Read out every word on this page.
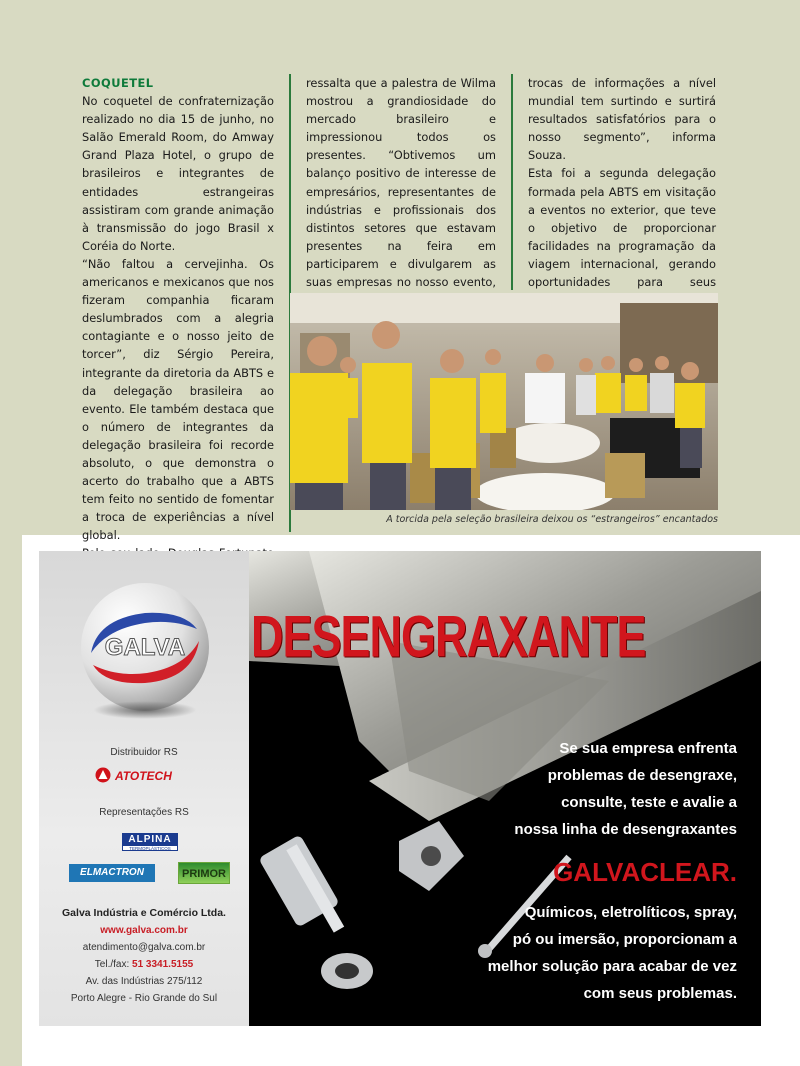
COQUETEL

No coquetel de confraternização realizado no dia 15 de junho, no Salão Emerald Room, do Amway Grand Plaza Hotel, o grupo de brasileiros e integrantes de entidades estrangeiras assistiram com grande animação à transmissão do jogo Brasil x Coréia do Norte.

“Não faltou a cervejinha. Os americanos e mexicanos que nos fizeram companhia ficaram deslumbrados com a alegria contagiante e o nosso jeito de torcer”, diz Sérgio Pereira, integrante da diretoria da ABTS e da delegação brasileira ao evento. Ele também destaca que o número de integrantes da delegação brasileira foi recorde absoluto, o que demonstra o acerto do trabalho que a ABTS tem feito no sentido de fomentar a troca de experiências a nível global.

ressalta que a palestra de Wilma mostrou a grandiosidade do mercado brasileiro e impressionou todos os presentes. “Obtivemos um balanço positivo de interesse de empresários, representantes de indústrias e profissionais dos distintos setores que estavam presentes na feira em participarem e divulgarem as suas empresas no nosso evento,

trocas de informações a nível mundial tem surtindo e surtirá resultados satisfatórios para o nosso segmento”, informa Souza.

Esta foi a segunda delegação formada pela ABTS em visitação a eventos no exterior, que teve o objetivo de proporcionar facilidades na programação da viagem internacional, gerando oportunidades para seus

A torcida pela seleção brasileira deixou os “estrangeiros” encantados
GALVA
Distribuidor RS
ATOTECH
Representações RS
ALPINA
TERMOPLÁSTICOS
ELMACTRON	PRIMOR
Galva Indústria e Comércio Ltda.
www.galva.com.br
atendimento@galva.com.br
Tel./fax: 51 3341.5155
Av. das Indústrias 275/112
Porto Alegre - Rio Grande do Sul
DESENGRAXANTE
Se sua empresa enfrenta
problemas de desengraxe,
consulte, teste e avalie a
nossa linha de desengraxantes
GALVACLEAR.
Químicos, eletrolíticos, spray,
pó ou imersão, proporcionam a
melhor solução para acabar de vez
com seus problemas.
